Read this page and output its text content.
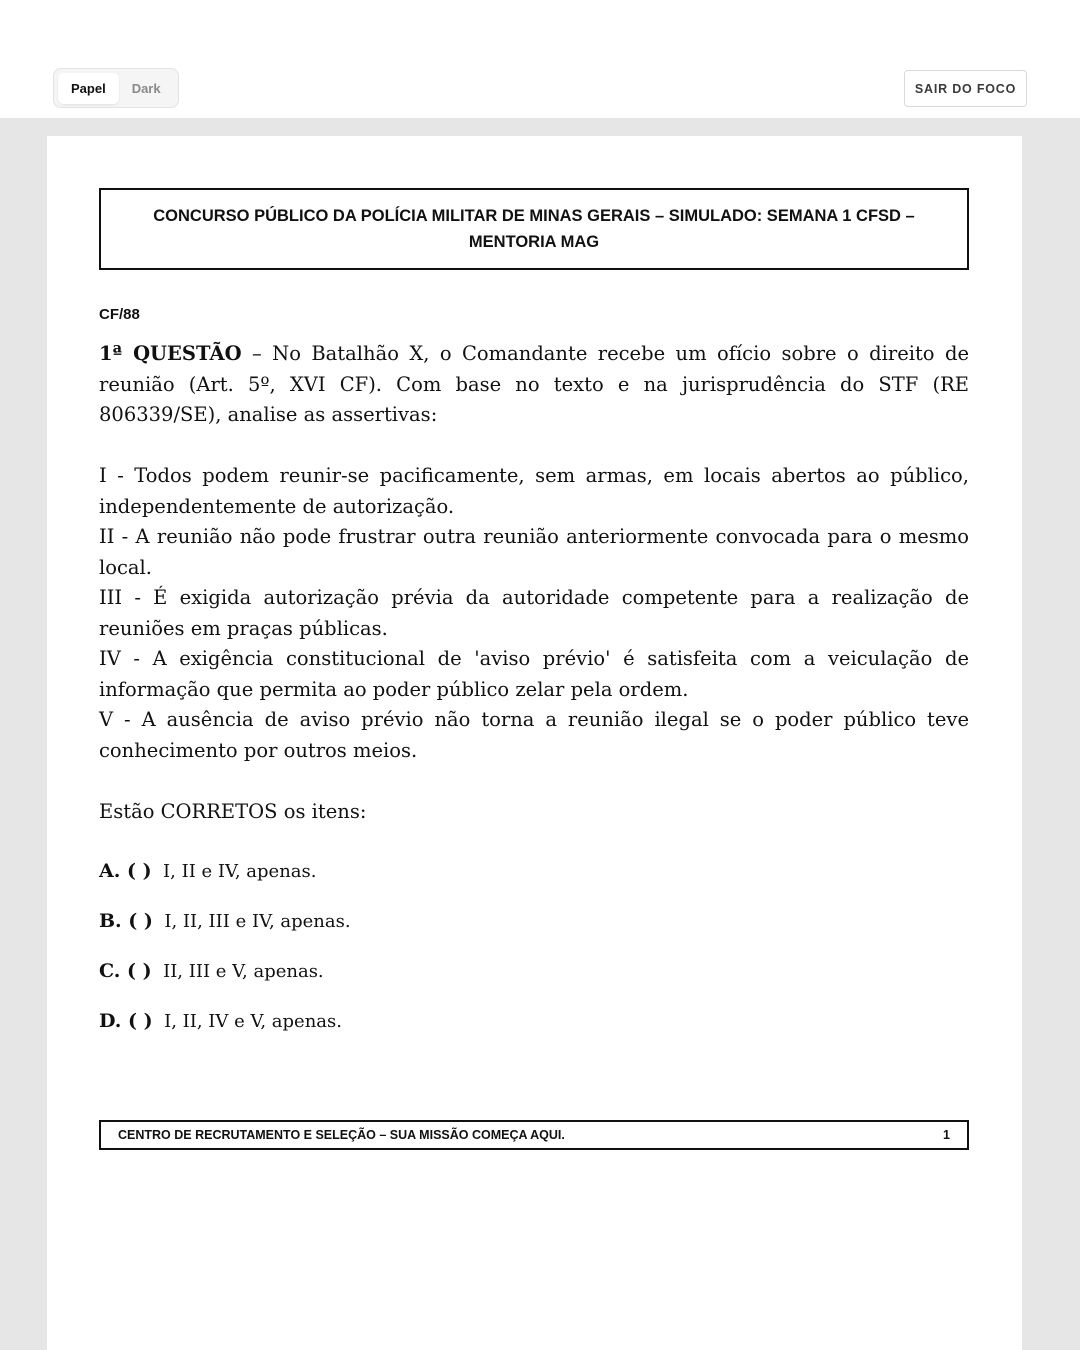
Papel	Dark	SAIR DO FOCO
CONCURSO PÚBLICO DA POLÍCIA MILITAR DE MINAS GERAIS – SIMULADO: SEMANA 1 CFSD – MENTORIA MAG
CF/88

1ª QUESTÃO – No Batalhão X, o Comandante recebe um ofício sobre o direito de reunião (Art. 5º, XVI CF). Com base no texto e na jurisprudência do STF (RE 806339/SE), analise as assertivas:

I - Todos podem reunir-se pacificamente, sem armas, em locais abertos ao público, independentemente de autorização.

II - A reunião não pode frustrar outra reunião anteriormente convocada para o mesmo local.

III - É exigida autorização prévia da autoridade competente para a realização de reuniões em praças públicas.

IV - A exigência constitucional de 'aviso prévio' é satisfeita com a veiculação de informação que permita ao poder público zelar pela ordem.

V - A ausência de aviso prévio não torna a reunião ilegal se o poder público teve conhecimento por outros meios.

Estão CORRETOS os itens:

A. ( ) I, II e IV, apenas.
B. ( ) I, II, III e IV, apenas.
C. ( ) II, III e V, apenas.
D. ( ) I, II, IV e V, apenas.
CENTRO DE RECRUTAMENTO E SELEÇÃO – SUA MISSÃO COMEÇA AQUI.	1
